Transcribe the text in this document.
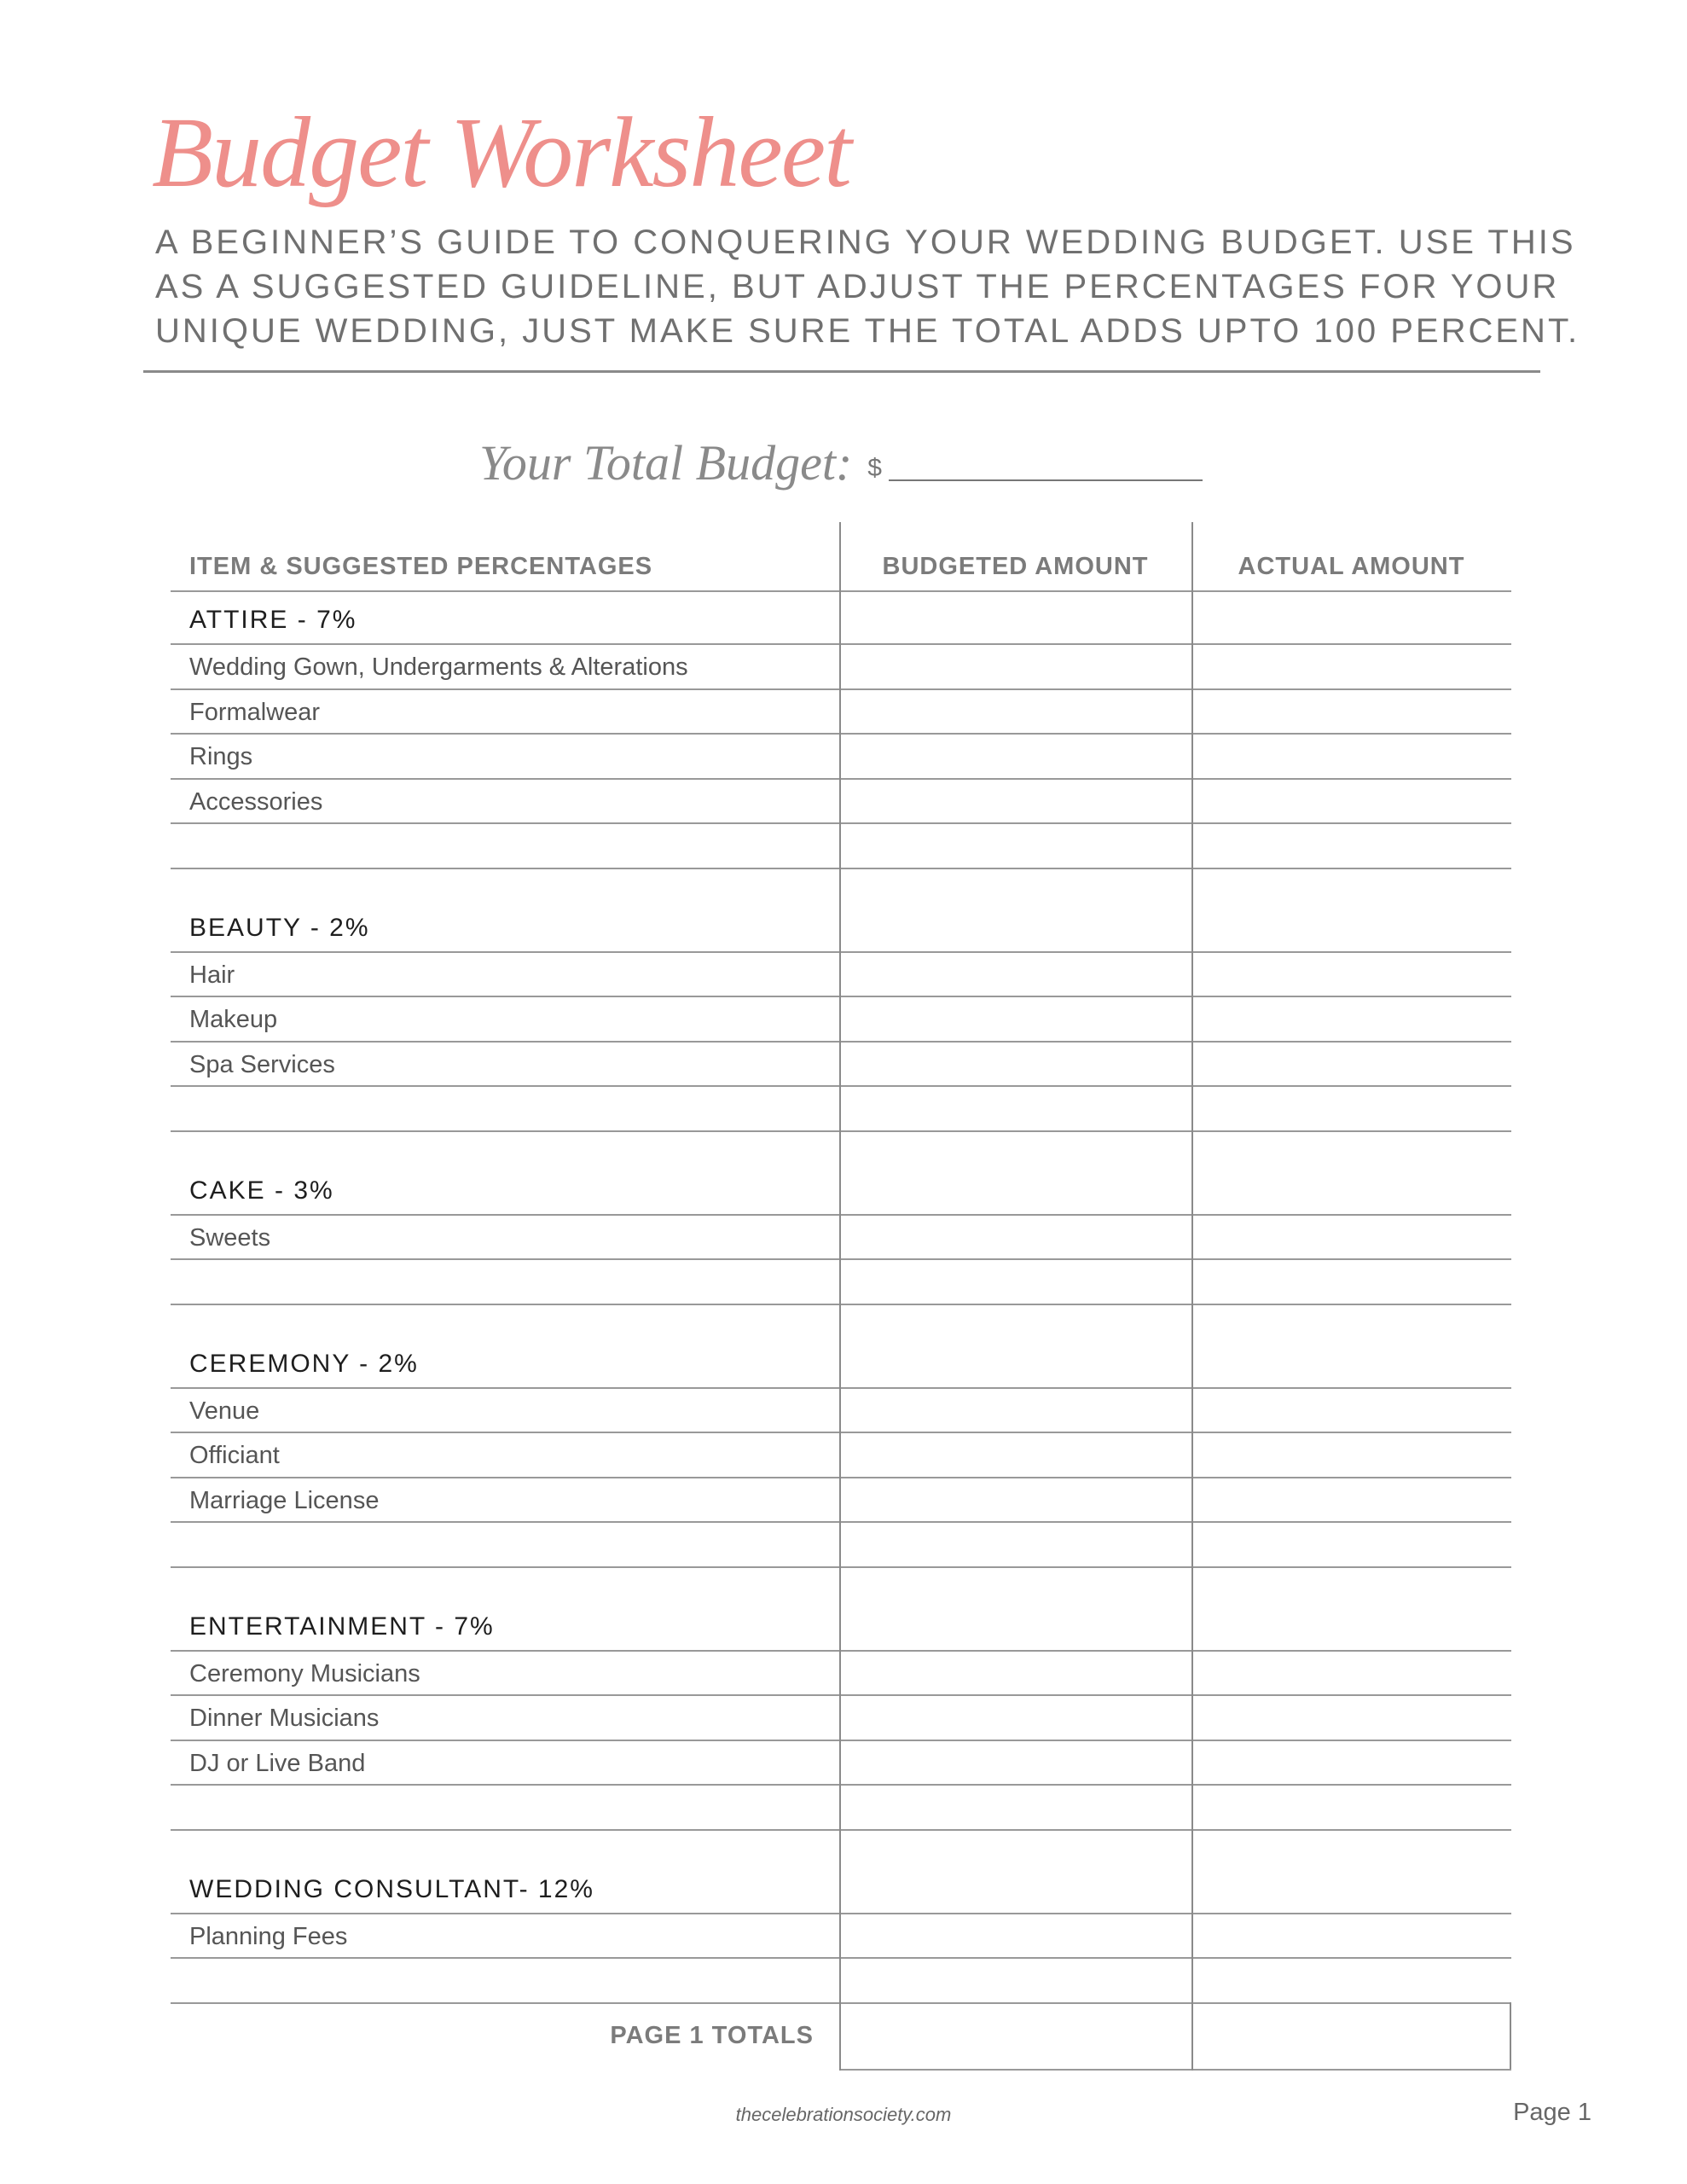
Budget Worksheet
A BEGINNER’S GUIDE TO CONQUERING YOUR WEDDING BUDGET. USE THIS
AS A SUGGESTED GUIDELINE, BUT ADJUST THE PERCENTAGES FOR YOUR
UNIQUE WEDDING, JUST MAKE SURE THE TOTAL ADDS UPTO 100 PERCENT.
Your Total Budget: $
ITEM & SUGGESTED PERCENTAGES	BUDGETED AMOUNT	ACTUAL AMOUNT
ATTIRE - 7%
Wedding Gown, Undergarments & Alterations
Formalwear
Rings
Accessories
BEAUTY - 2%
Hair
Makeup
Spa Services
CAKE - 3%
Sweets
CEREMONY - 2%
Venue
Officiant
Marriage License
ENTERTAINMENT - 7%
Ceremony Musicians
Dinner Musicians
DJ or Live Band
WEDDING CONSULTANT- 12%
Planning Fees
PAGE 1 TOTALS
thecelebrationsociety.com	Page 1
